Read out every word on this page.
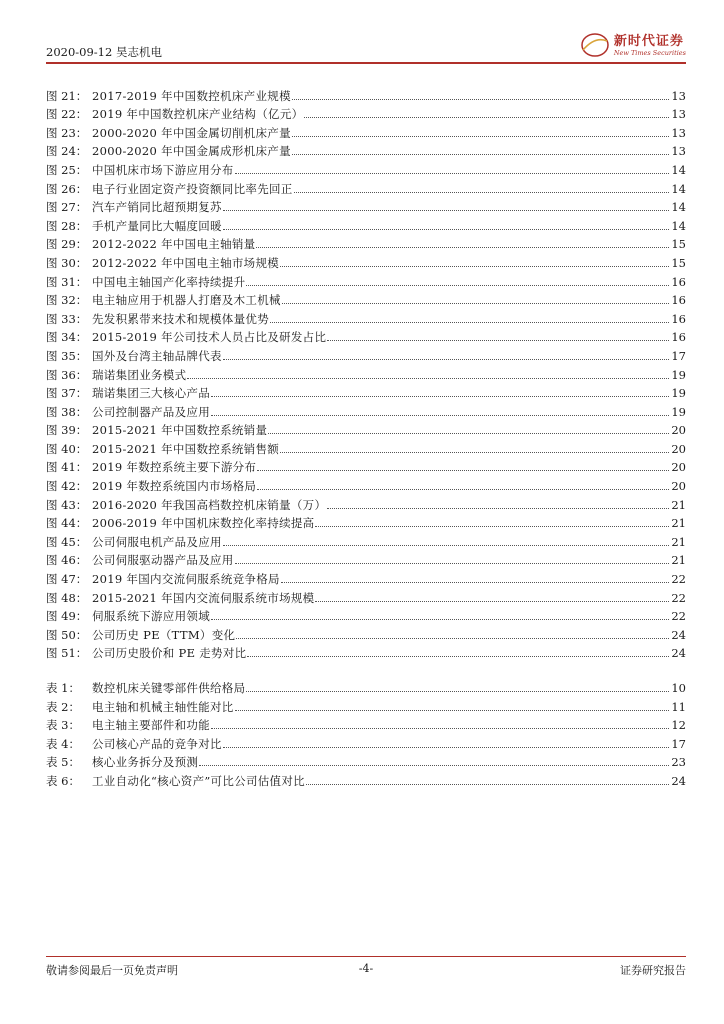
2020-09-12 昊志机电
新时代证券
New Times Securities
图 21： 2017-2019 年中国数控机床产业规模	13
图 22： 2019 年中国数控机床产业结构（亿元）	13
图 23： 2000-2020 年中国金属切削机床产量	13
图 24： 2000-2020 年中国金属成形机床产量	13
图 25： 中国机床市场下游应用分布	14
图 26： 电子行业固定资产投资额同比率先回正	14
图 27： 汽车产销同比超预期复苏	14
图 28： 手机产量同比大幅度回暖	14
图 29： 2012-2022 年中国电主轴销量	15
图 30： 2012-2022 年中国电主轴市场规模	15
图 31： 中国电主轴国产化率持续提升	16
图 32： 电主轴应用于机器人打磨及木工机械	16
图 33： 先发积累带来技术和规模体量优势	16
图 34： 2015-2019 年公司技术人员占比及研发占比	16
图 35： 国外及台湾主轴品牌代表	17
图 36： 瑞诺集团业务模式	19
图 37： 瑞诺集团三大核心产品	19
图 38： 公司控制器产品及应用	19
图 39： 2015-2021 年中国数控系统销量	20
图 40： 2015-2021 年中国数控系统销售额	20
图 41： 2019 年数控系统主要下游分布	20
图 42： 2019 年数控系统国内市场格局	20
图 43： 2016-2020 年我国高档数控机床销量（万）	21
图 44： 2006-2019 年中国机床数控化率持续提高	21
图 45： 公司伺服电机产品及应用	21
图 46： 公司伺服驱动器产品及应用	21
图 47： 2019 年国内交流伺服系统竞争格局	22
图 48： 2015-2021 年国内交流伺服系统市场规模	22
图 49： 伺服系统下游应用领域	22
图 50： 公司历史 PE（TTM）变化	24
图 51： 公司历史股价和 PE 走势对比	24
表 1：	数控机床关键零部件供给格局	10
表 2：	电主轴和机械主轴性能对比	11
表 3：	电主轴主要部件和功能	12
表 4：	公司核心产品的竞争对比	17
表 5：	核心业务拆分及预测	23
表 6：	工业自动化“核心资产”可比公司估值对比	24
敬请参阅最后一页免责声明	-4-	证券研究报告
